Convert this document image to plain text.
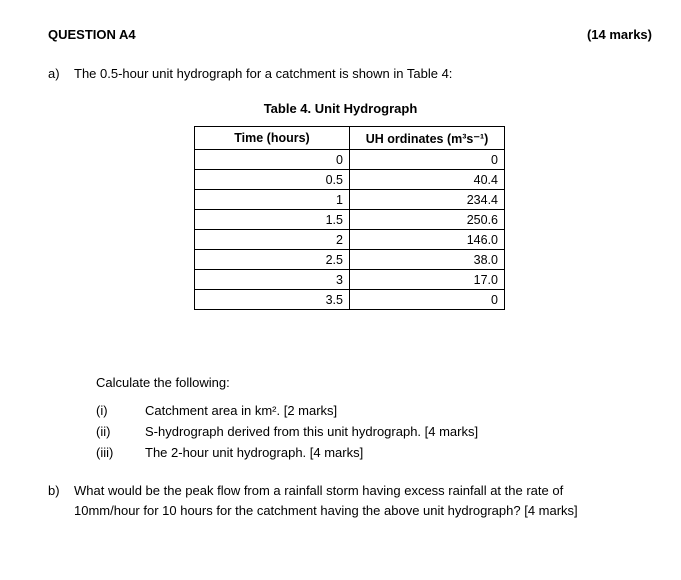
QUESTION A4	(14 marks)
a) The 0.5-hour unit hydrograph for a catchment is shown in Table 4:
Table 4. Unit Hydrograph
Time (hours)	UH ordinates (m³s⁻¹)
0	0
0.5	40.4
1	234.4
1.5	250.6
2	146.0
2.5	38.0
3	17.0
3.5	0
Calculate the following:
(i)	Catchment area in km². [2 marks]
(ii)	S-hydrograph derived from this unit hydrograph. [4 marks]
(iii) The 2-hour unit hydrograph. [4 marks]
b) What would be the peak flow from a rainfall storm having excess rainfall at the rate of
10mm/hour for 10 hours for the catchment having the above unit hydrograph? [4 marks]
